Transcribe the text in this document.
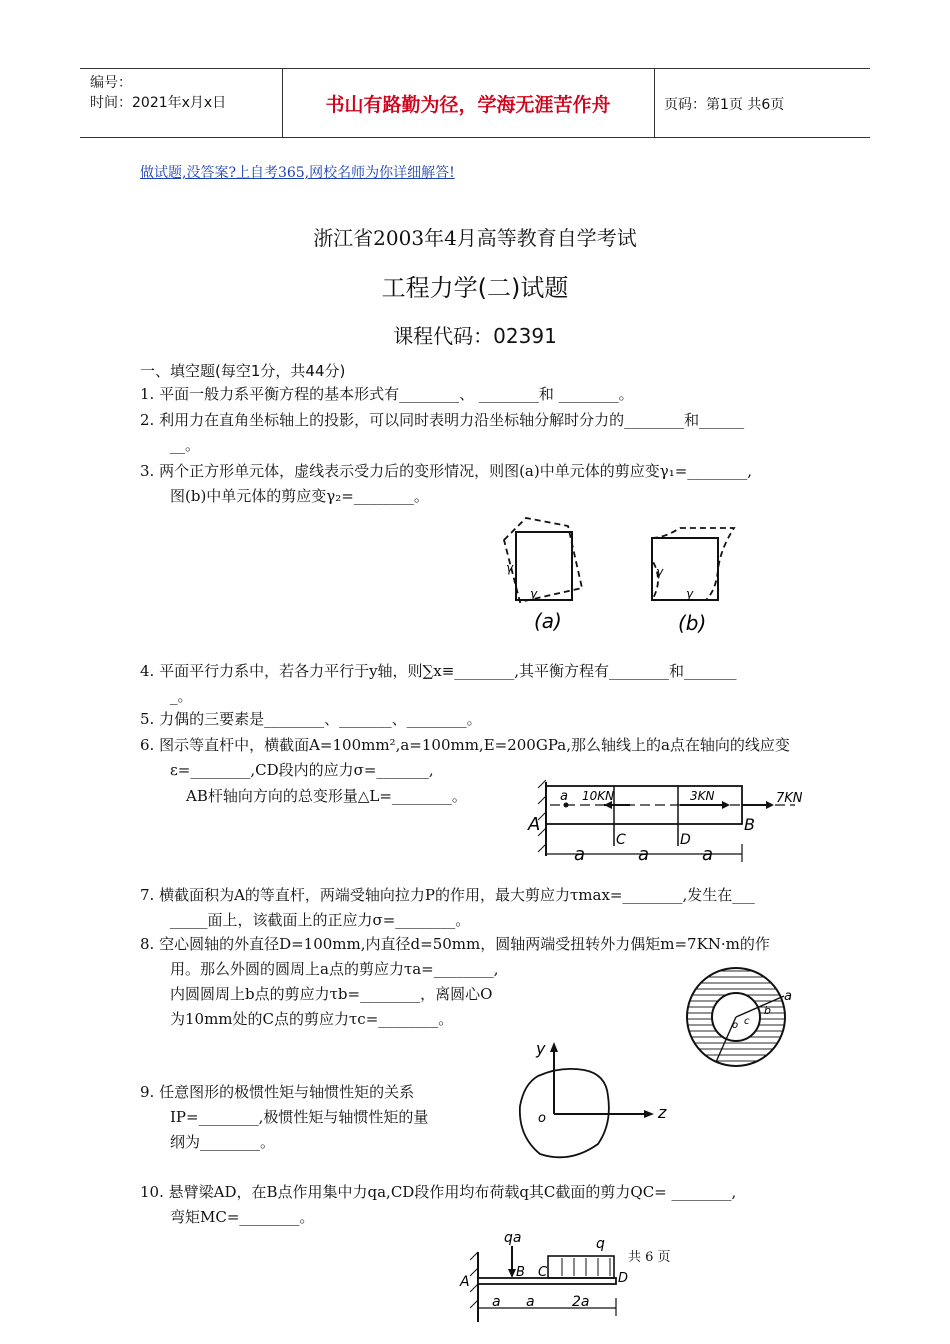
编号：
时间：2021年x月x日	书山有路勤为径，学海无涯苦作舟	页码：第1页 共6页
做试题,没答案?上自考365,网校名师为你详细解答!
浙江省2003年4月高等教育自学考试
工程力学(二)试题
课程代码：02391
一、填空题(每空1分，共44分)
1. 平面一般力系平衡方程的基本形式有________、 ________和 ________。
2. 利用力在直角坐标轴上的投影，可以同时表明力沿坐标轴分解时分力的________和______
__。
3. 两个正方形单元体，虚线表示受力后的变形情况，则图(a)中单元体的剪应变γ₁=________,
图(b)中单元体的剪应变γ₂=________。
γ
γ
(a)
γ
γ
(b)
4. 平面平行力系中，若各力平行于y轴，则∑x≡________,其平衡方程有________和_______
_。
5. 力偶的三要素是________、_______、________。
6. 图示等直杆中，横截面A=100mm²,a=100mm,E=200GPa,那么轴线上的a点在轴向的线应变
ε=________,CD段内的应力σ=_______,
AB杆轴向方向的总变形量△L=________。	a 10KN	3KN	7KN
A	B
C	D
a	a	a
7. 横截面积为A的等直杆，两端受轴向拉力P的作用，最大剪应力τmax=________,发生在___
_____面上，该截面上的正应力σ=________。
8. 空心圆轴的外直径D=100mm,内直径d=50mm，圆轴两端受扭转外力偶矩m=7KN·m的作
用。那么外圆的圆周上a点的剪应力τa=________,
内圆圆周上b点的剪应力τb=________，离圆心O
为10mm处的C点的剪应力τc=________。
a
b
c
o
y
z
o
9. 任意图形的极惯性矩与轴惯性矩的关系
IP=________,极惯性矩与轴惯性矩的量
纲为________。
10. 悬臂梁AD，在B点作用集中力qa,CD段作用均布荷载q其C截面的剪力QC= ________,
弯矩MC=________。
qa	q
A
B C	D
a a	2a
共 6 页
